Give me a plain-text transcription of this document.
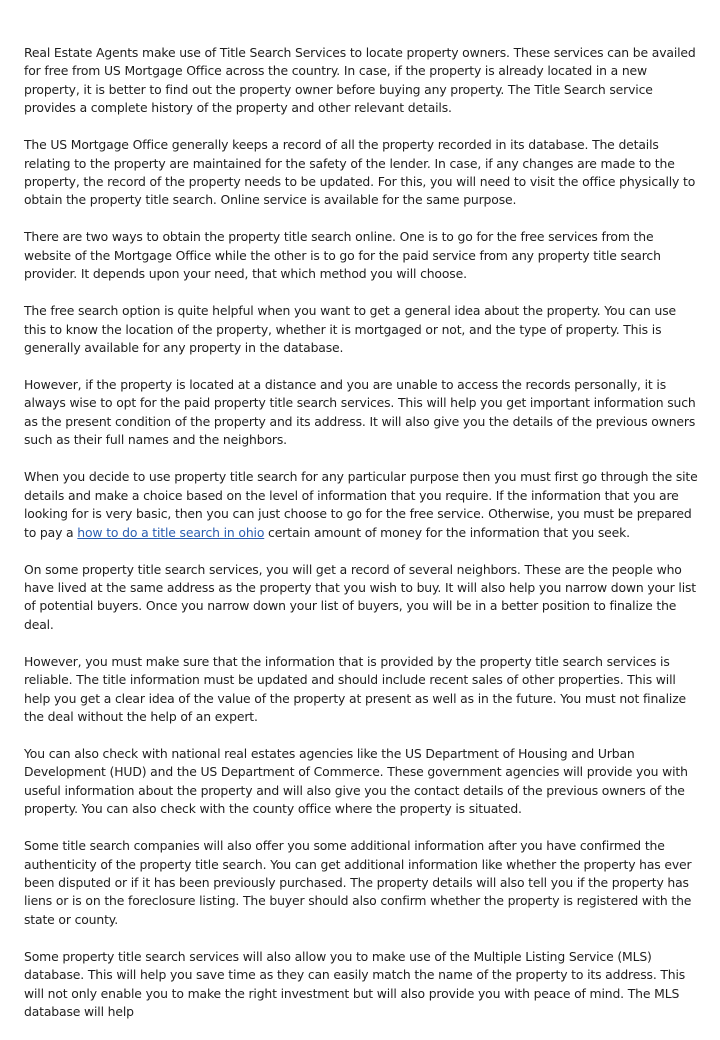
Real Estate Agents make use of Title Search Services to locate property owners. These services can be availed for free from US Mortgage Office across the country. In case, if the property is already located in a new property, it is better to find out the property owner before buying any property. The Title Search service provides a complete history of the property and other relevant details.

The US Mortgage Office generally keeps a record of all the property recorded in its database. The details relating to the property are maintained for the safety of the lender. In case, if any changes are made to the property, the record of the property needs to be updated. For this, you will need to visit the office physically to obtain the property title search. Online service is available for the same purpose.

There are two ways to obtain the property title search online. One is to go for the free services from the website of the Mortgage Office while the other is to go for the paid service from any property title search provider. It depends upon your need, that which method you will choose.

The free search option is quite helpful when you want to get a general idea about the property. You can use this to know the location of the property, whether it is mortgaged or not, and the type of property. This is generally available for any property in the database.

However, if the property is located at a distance and you are unable to access the records personally, it is always wise to opt for the paid property title search services. This will help you get important information such as the present condition of the property and its address. It will also give you the details of the previous owners such as their full names and the neighbors.

When you decide to use property title search for any particular purpose then you must first go through the site details and make a choice based on the level of information that you require. If the information that you are looking for is very basic, then you can just choose to go for the free service. Otherwise, you must be prepared to pay a how to do a title search in ohio certain amount of money for the information that you seek.

On some property title search services, you will get a record of several neighbors. These are the people who have lived at the same address as the property that you wish to buy. It will also help you narrow down your list of potential buyers. Once you narrow down your list of buyers, you will be in a better position to finalize the deal.

However, you must make sure that the information that is provided by the property title search services is reliable. The title information must be updated and should include recent sales of other properties. This will help you get a clear idea of the value of the property at present as well as in the future. You must not finalize the deal without the help of an expert.

You can also check with national real estates agencies like the US Department of Housing and Urban Development (HUD) and the US Department of Commerce. These government agencies will provide you with useful information about the property and will also give you the contact details of the previous owners of the property. You can also check with the county office where the property is situated.

Some title search companies will also offer you some additional information after you have confirmed the authenticity of the property title search. You can get additional information like whether the property has ever been disputed or if it has been previously purchased. The property details will also tell you if the property has liens or is on the foreclosure listing. The buyer should also confirm whether the property is registered with the state or county.

Some property title search services will also allow you to make use of the Multiple Listing Service (MLS) database. This will help you save time as they can easily match the name of the property to its address. This will not only enable you to make the right investment but will also provide you with peace of mind. The MLS database will help
